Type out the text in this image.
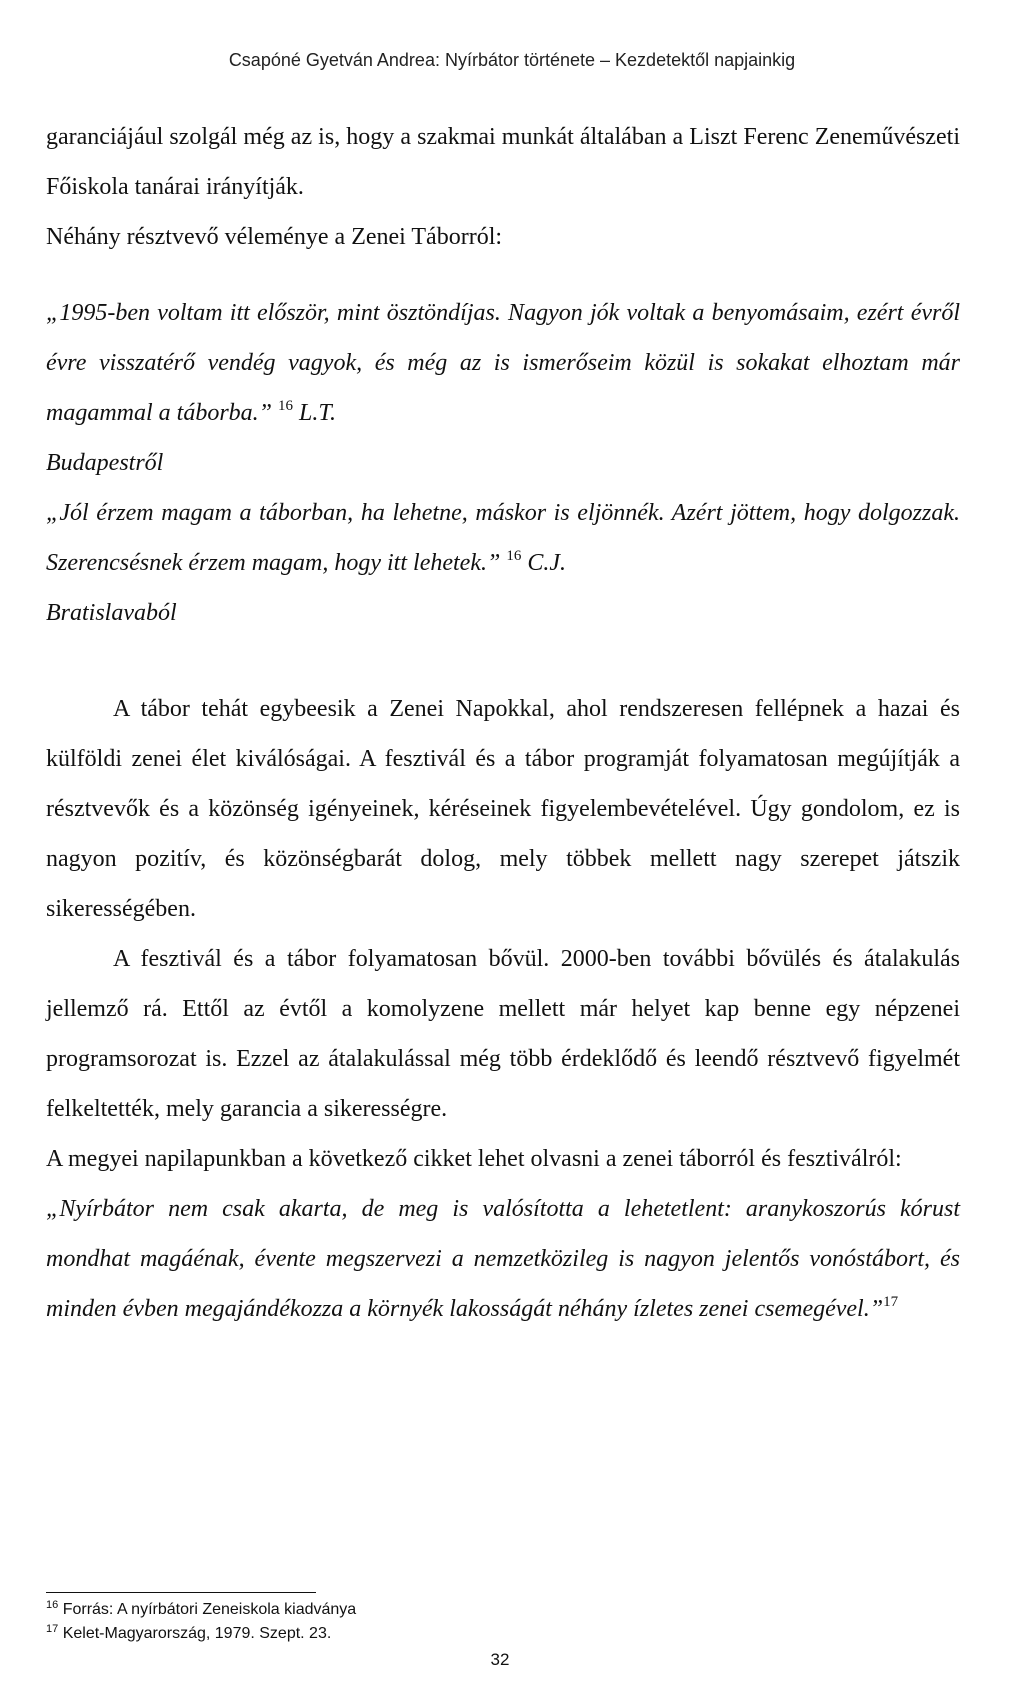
Csapóné Gyetván Andrea: Nyírbátor története – Kezdetektől napjainkig

garanciájául szolgál még az is, hogy a szakmai munkát általában a Liszt Ferenc Zeneművészeti Főiskola tanárai irányítják.

Néhány résztvevő véleménye a Zenei Táborról:

„1995-ben voltam itt először, mint ösztöndíjas. Nagyon jók voltak a benyomásaim, ezért évről évre visszatérő vendég vagyok, és még az is ismerőseim közül is sokakat elhoztam már magammal a táborba.” $^{16}$ L.T.

Budapestről

„Jól érzem magam a táborban, ha lehetne, máskor is eljönnék. Azért jöttem, hogy dolgozzak. Szerencsésnek érzem magam, hogy itt lehetek.” $^{16}$ C.J.

Bratislavaból

A tábor tehát egybeesik a Zenei Napokkal, ahol rendszeresen fellépnek a hazai és külföldi zenei élet kiválóságai. A fesztivál és a tábor programját folyamatosan megújítják a résztvevők és a közönség igényeinek, kéréseinek figyelembevételével. Úgy gondolom, ez is nagyon pozitív, és közönségbarát dolog, mely többek mellett nagy szerepet játszik sikerességében.

A fesztivál és a tábor folyamatosan bővül. 2000-ben további bővülés és átalakulás jellemző rá. Ettől az évtől a komolyzene mellett már helyet kap benne egy népzenei programsorozat is. Ezzel az átalakulással még több érdeklődő és leendő résztvevő figyelmét felkeltették, mely garancia a sikerességre.

A megyei napilapunkban a következő cikket lehet olvasni a zenei táborról és fesztiválról:

„Nyírbátor nem csak akarta, de meg is valósította a lehetetlent: aranykoszorús kórust mondhat magáénak, évente megszervezi a nemzetközileg is nagyon jelentős vonóstábort, és minden évben megajándékozza a környék lakosságát néhány ízletes zenei csemegével.”$^{17}$

$^{16}$ Forrás: A nyírbátori Zeneiskola kiadványa
$^{17}$ Kelet-Magyarország, 1979. Szept. 23.
32
